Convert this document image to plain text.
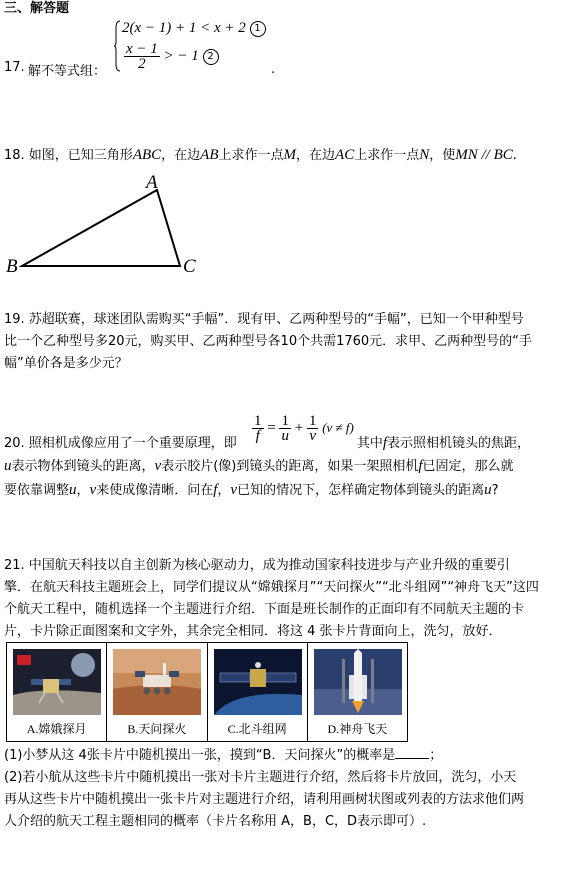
三、解答题
17. 解不等式组：
2(x − 1) + 1 < x + 2 1
$\frac{x - 1}{2}$ > − 1 2
.
18. 如图，已知三角形ABC，在边AB上求作一点M，在边AC上求作一点N，使MN // BC.
A
B	C
19. 苏超联赛，球迷团队需购买“手幅”．现有甲、乙两种型号的“手幅”，已知一个甲种型号
比一个乙种型号多20元，购买甲、乙两种型号各10个共需1760元．求甲、乙两种型号的“手
幅”单价各是多少元？
$\frac{1}{f} = \frac{1}{u} + \frac{1}{v} (v \ne f)$
20. 照相机成像应用了一个重要原理，即	其中f表示照相机镜头的焦距，
u表示物体到镜头的距离，v表示胶片(像)到镜头的距离，如果一架照相机f已固定，那么就
要依靠调整u，v来使成像清晰．问在f，v已知的情况下，怎样确定物体到镜头的距离u?
21. 中国航天科技以自主创新为核心驱动力，成为推动国家科技进步与产业升级的重要引
擎．在航天科技主题班会上，同学们提议从“嫦娥探月”“天问探火”“北斗组网”“神舟飞天”这四
个航天工程中，随机选择一个主题进行介绍．下面是班长制作的正面印有不同航天主题的卡
片，卡片除正面图案和文字外，其余完全相同．将这 4 张卡片背面向上，洗匀，放好．
A.嫦娥探月	B.天问探火	C.北斗组网	D.神舟飞天
(1)小梦从这 4张卡片中随机摸出一张，摸到“B．天问探火”的概率是	；
(2)若小航从这些卡片中随机摸出一张对卡片主题进行介绍，然后将卡片放回，洗匀，小天
再从这些卡片中随机摸出一张卡片对主题进行介绍，请利用画树状图或列表的方法求他们两
人介绍的航天工程主题相同的概率（卡片名称用 A，B，C，D表示即可）.
